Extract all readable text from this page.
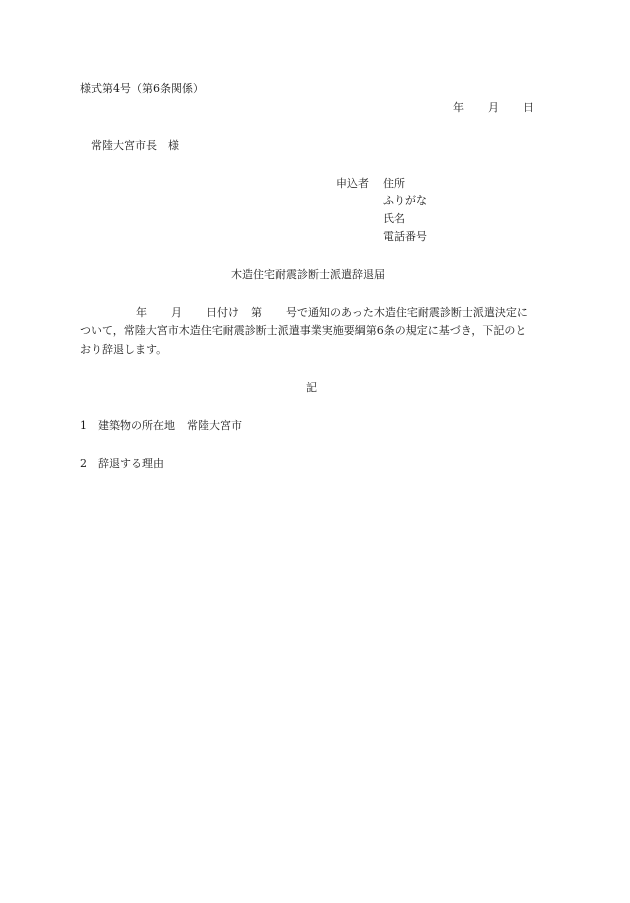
様式第4号（第6条関係）
年 月 日
常陸大宮市長　様
申込者 住所
ふりがな
氏名
電話番号
木造住宅耐震診断士派遣辞退届
年 月 日付け 第 号で通知のあった木造住宅耐震診断士派遣決定に
ついて，常陸大宮市木造住宅耐震診断士派遣事業実施要綱第6条の規定に基づき，下記のと
おり辞退します。
記
1 建築物の所在地 常陸大宮市
2 辞退する理由
